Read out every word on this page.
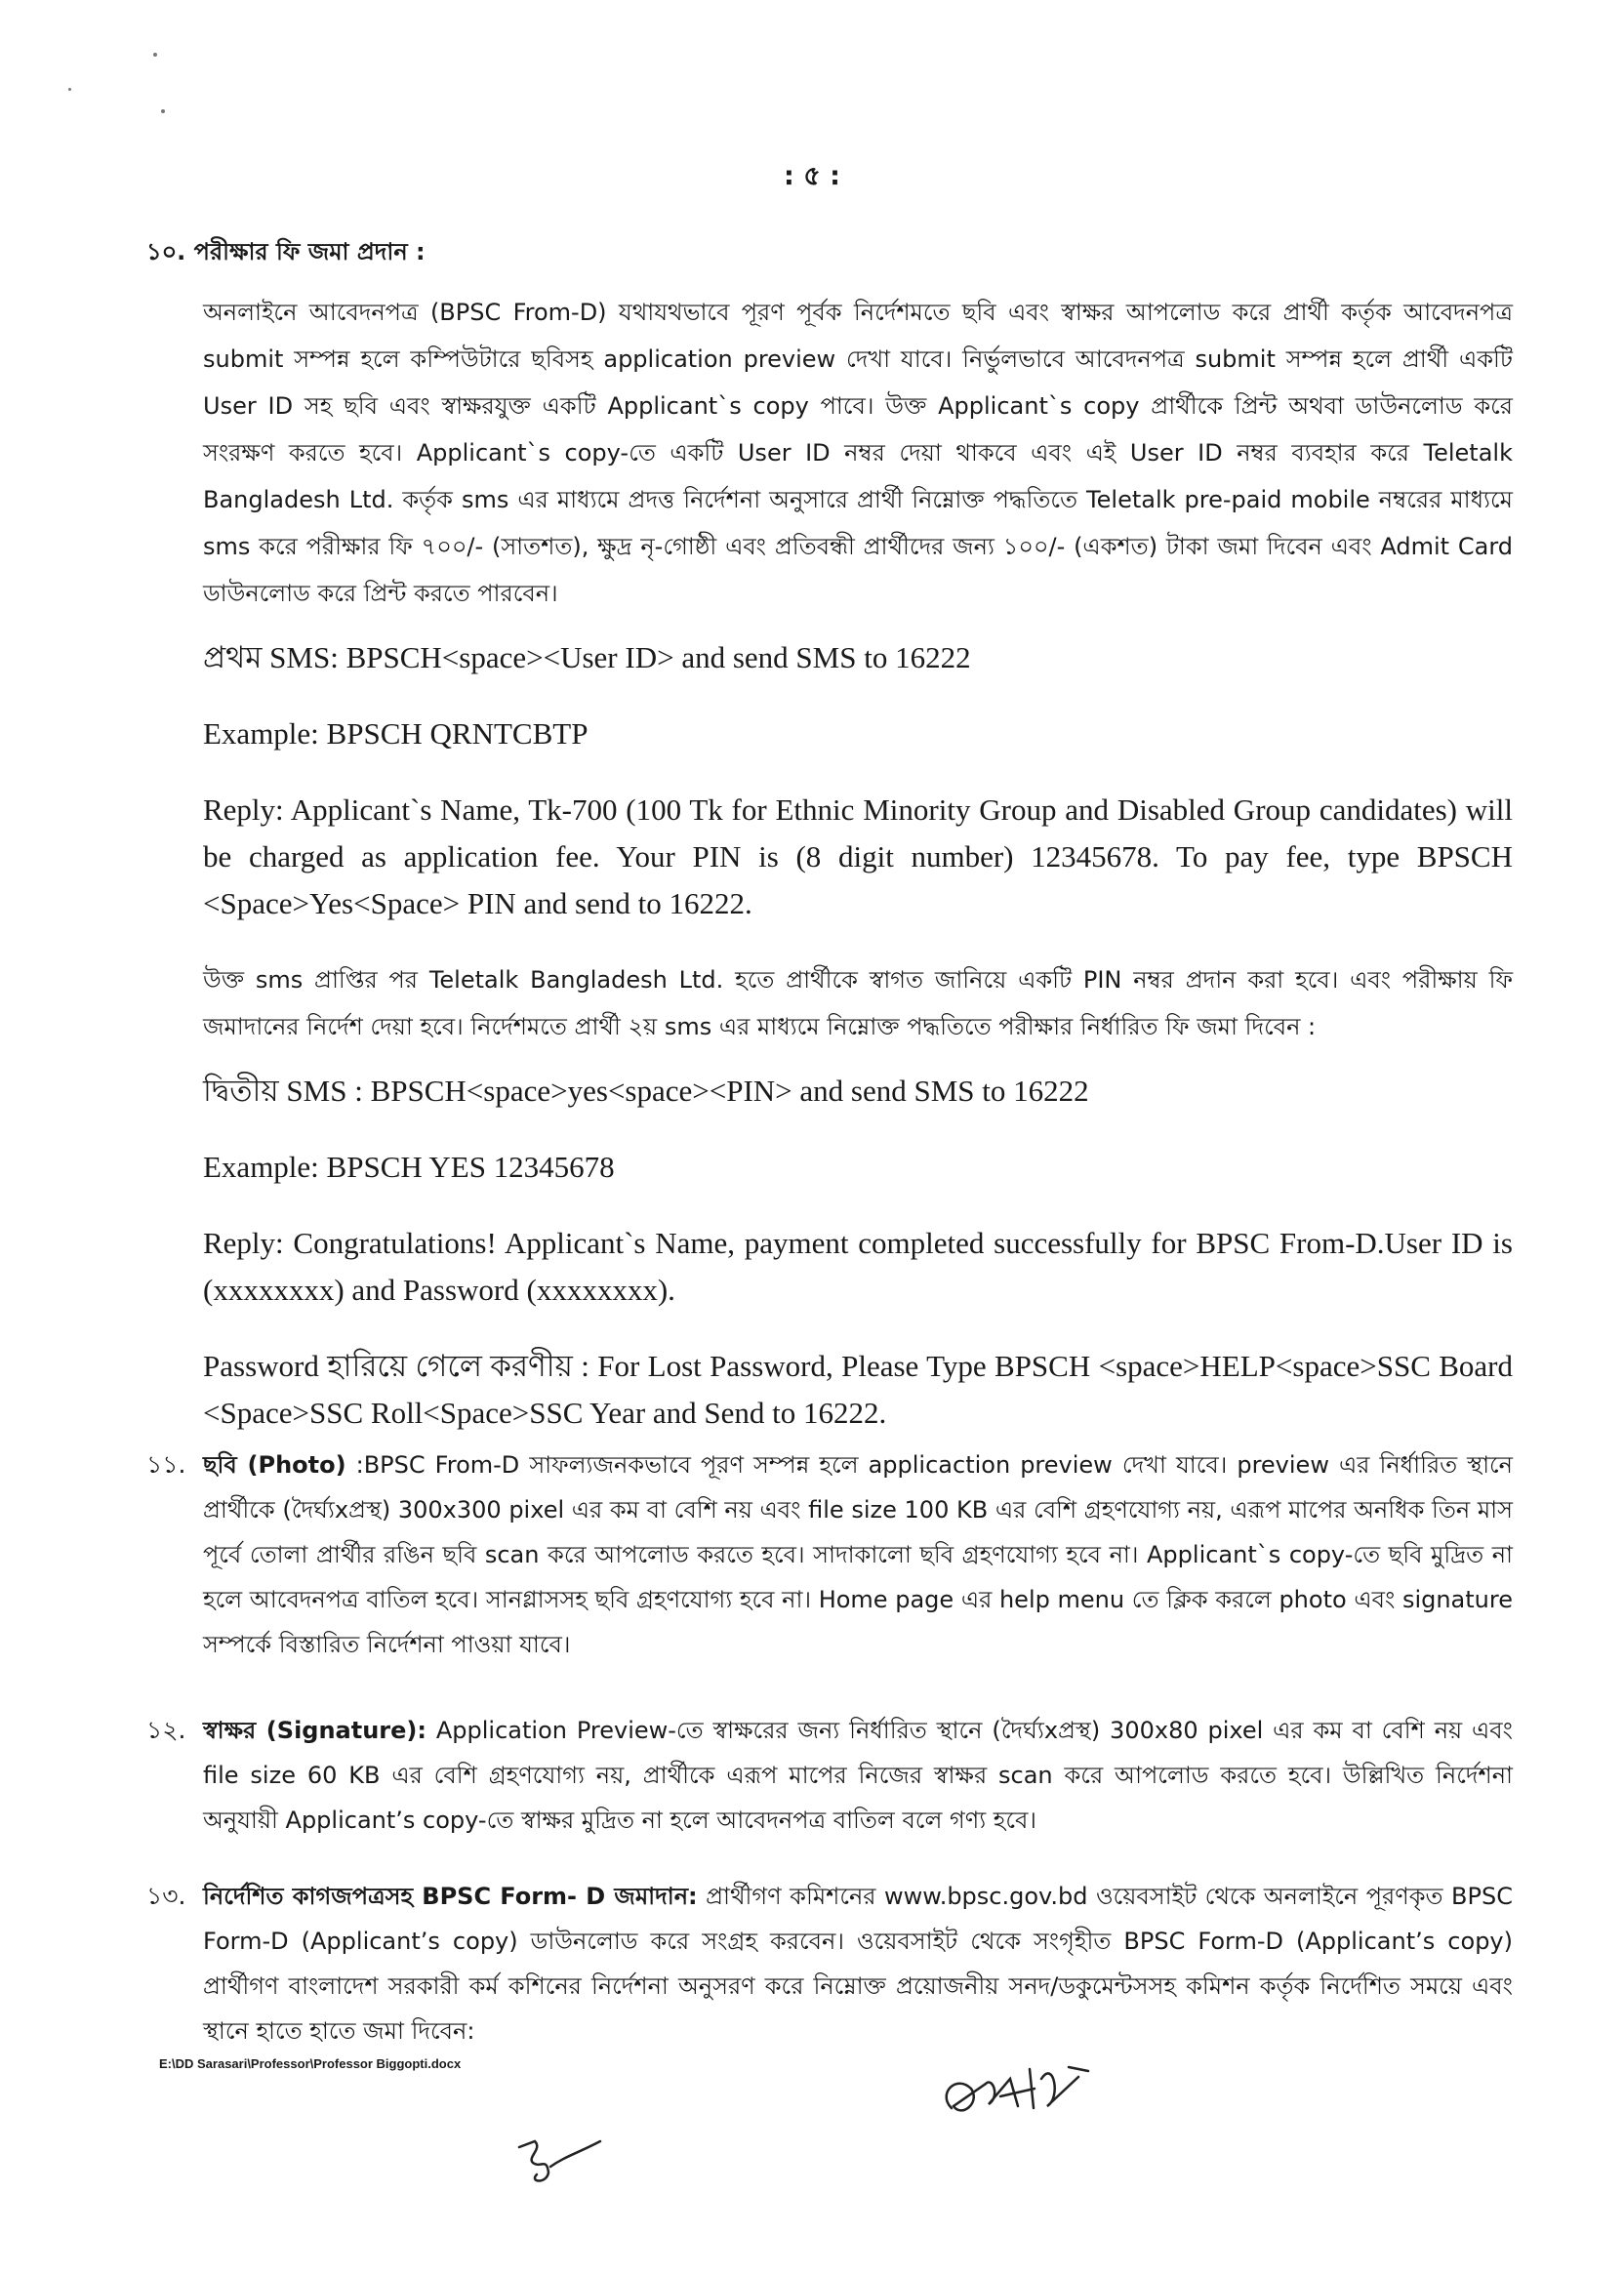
: ৫ :
১০. পরীক্ষার ফি জমা প্রদান :

অনলাইনে আবেদনপত্র (BPSC From-D) যথাযথভাবে পূরণ পূর্বক নির্দেশমতে ছবি এবং স্বাক্ষর আপলোড করে প্রার্থী কর্তৃক আবেদনপত্র submit সম্পন্ন হলে কম্পিউটারে ছবিসহ application preview দেখা যাবে। নির্ভুলভাবে আবেদনপত্র submit সম্পন্ন হলে প্রার্থী একটি User ID সহ ছবি এবং স্বাক্ষরযুক্ত একটি Applicant`s copy পাবে। উক্ত Applicant`s copy প্রার্থীকে প্রিন্ট অথবা ডাউনলোড করে সংরক্ষণ করতে হবে। Applicant`s copy-তে একটি User ID নম্বর দেয়া থাকবে এবং এই User ID নম্বর ব্যবহার করে Teletalk Bangladesh Ltd. কর্তৃক sms এর মাধ্যমে প্রদত্ত নির্দেশনা অনুসারে প্রার্থী নিম্নোক্ত পদ্ধতিতে Teletalk pre-paid mobile নম্বরের মাধ্যমে sms করে পরীক্ষার ফি ৭০০/- (সাতশত), ক্ষুদ্র নৃ-গোষ্ঠী এবং প্রতিবন্ধী প্রার্থীদের জন্য ১০০/- (একশত) টাকা জমা দিবেন এবং Admit Card ডাউনলোড করে প্রিন্ট করতে পারবেন।

প্রথম SMS: BPSCH<space><User ID> and send SMS to 16222

Example: BPSCH QRNTCBTP

Reply: Applicant`s Name, Tk-700 (100 Tk for Ethnic Minority Group and Disabled Group candidates) will be charged as application fee. Your PIN is (8 digit number) 12345678. To pay fee, type BPSCH <Space>Yes<Space> PIN and send to 16222.

উক্ত sms প্রাপ্তির পর Teletalk Bangladesh Ltd. হতে প্রার্থীকে স্বাগত জানিয়ে একটি PIN নম্বর প্রদান করা হবে। এবং পরীক্ষায় ফি জমাদানের নির্দেশ দেয়া হবে। নির্দেশমতে প্রার্থী ২য় sms এর মাধ্যমে নিম্নোক্ত পদ্ধতিতে পরীক্ষার নির্ধারিত ফি জমা দিবেন :

দ্বিতীয় SMS : BPSCH<space>yes<space><PIN> and send SMS to 16222

Example: BPSCH YES 12345678

Reply: Congratulations! Applicant`s Name, payment completed successfully for BPSC From-D.User ID is (xxxxxxxx) and Password (xxxxxxxx).

Password হারিয়ে গেলে করণীয় : For Lost Password, Please Type BPSCH <space>HELP<space>SSC Board <Space>SSC Roll<Space>SSC Year and Send to 16222.

১১. ছবি (Photo) :BPSC From-D সাফল্যজনকভাবে পূরণ সম্পন্ন হলে applicaction preview দেখা যাবে। preview এর নির্ধারিত স্থানে প্রার্থীকে (দৈর্ঘ্যxপ্রস্থ) 300x300 pixel এর কম বা বেশি নয় এবং file size 100 KB এর বেশি গ্রহণযোগ্য নয়, এরূপ মাপের অনধিক তিন মাস পূর্বে তোলা প্রার্থীর রঙিন ছবি scan করে আপলোড করতে হবে। সাদাকালো ছবি গ্রহণযোগ্য হবে না। Applicant`s copy-তে ছবি মুদ্রিত না হলে আবেদনপত্র বাতিল হবে। সানগ্লাসসহ ছবি গ্রহণযোগ্য হবে না। Home page এর help menu তে ক্লিক করলে photo এবং signature সম্পর্কে বিস্তারিত নির্দেশনা পাওয়া যাবে।
১২. স্বাক্ষর (Signature): Application Preview-তে স্বাক্ষরের জন্য নির্ধারিত স্থানে (দৈর্ঘ্যxপ্রস্থ) 300x80 pixel এর কম বা বেশি নয় এবং file size 60 KB এর বেশি গ্রহণযোগ্য নয়, প্রার্থীকে এরূপ মাপের নিজের স্বাক্ষর scan করে আপলোড করতে হবে। উল্লিখিত নির্দেশনা অনুযায়ী Applicant’s copy-তে স্বাক্ষর মুদ্রিত না হলে আবেদনপত্র বাতিল বলে গণ্য হবে।
১৩. নির্দেশিত কাগজপত্রসহ BPSC Form- D জমাদান: প্রার্থীগণ কমিশনের www.bpsc.gov.bd ওয়েবসাইট থেকে অনলাইনে পূরণকৃত BPSC Form-D (Applicant’s copy) ডাউনলোড করে সংগ্রহ করবেন। ওয়েবসাইট থেকে সংগৃহীত BPSC Form-D (Applicant’s copy) প্রার্থীগণ বাংলাদেশ সরকারী কর্ম কশিনের নির্দেশনা অনুসরণ করে নিম্নোক্ত প্রয়োজনীয় সনদ/ডকুমেন্টসসহ কমিশন কর্তৃক নির্দেশিত সময়ে এবং স্থানে হাতে হাতে জমা দিবেন:
E:\DD Sarasari\Professor\Professor Biggopti.docx
